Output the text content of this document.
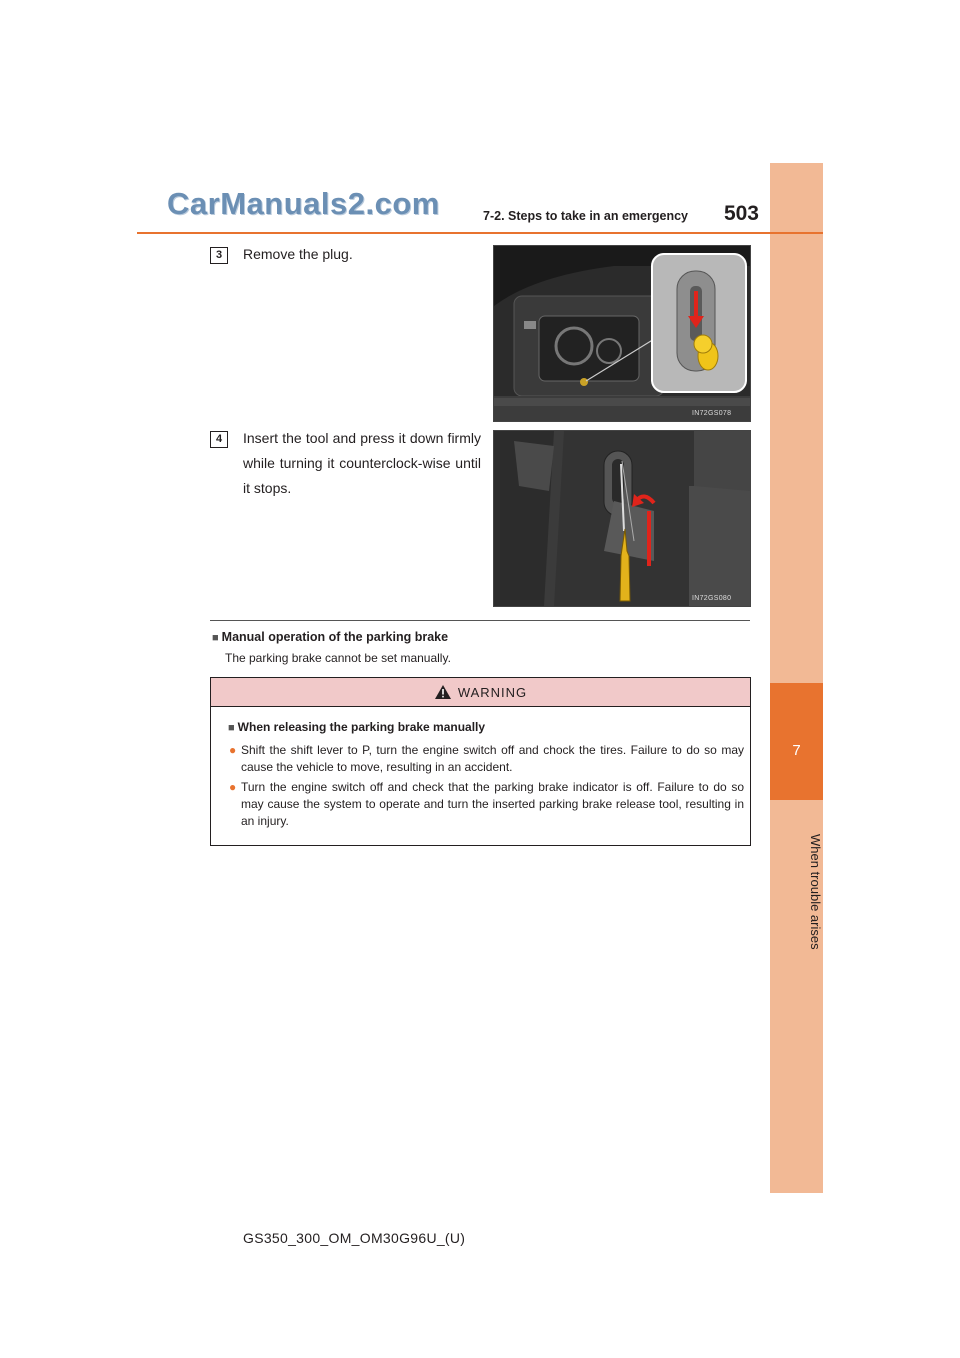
7
When trouble arises
CarManuals2.com	7-2. Steps to take in an emergency	503
3	Remove the plug.
IN72GS078
4	Insert the tool and press it down firmly while turning it counterclock-wise until it stops.
IN72GS080
■ Manual operation of the parking brake
The parking brake cannot be set manually.
WARNING
■ When releasing the parking brake manually
● Shift the shift lever to P, turn the engine switch off and chock the tires. Failure to do so may cause the vehicle to move, resulting in an accident.
● Turn the engine switch off and check that the parking brake indicator is off. Failure to do so may cause the system to operate and turn the inserted parking brake release tool, resulting in an injury.
GS350_300_OM_OM30G96U_(U)
